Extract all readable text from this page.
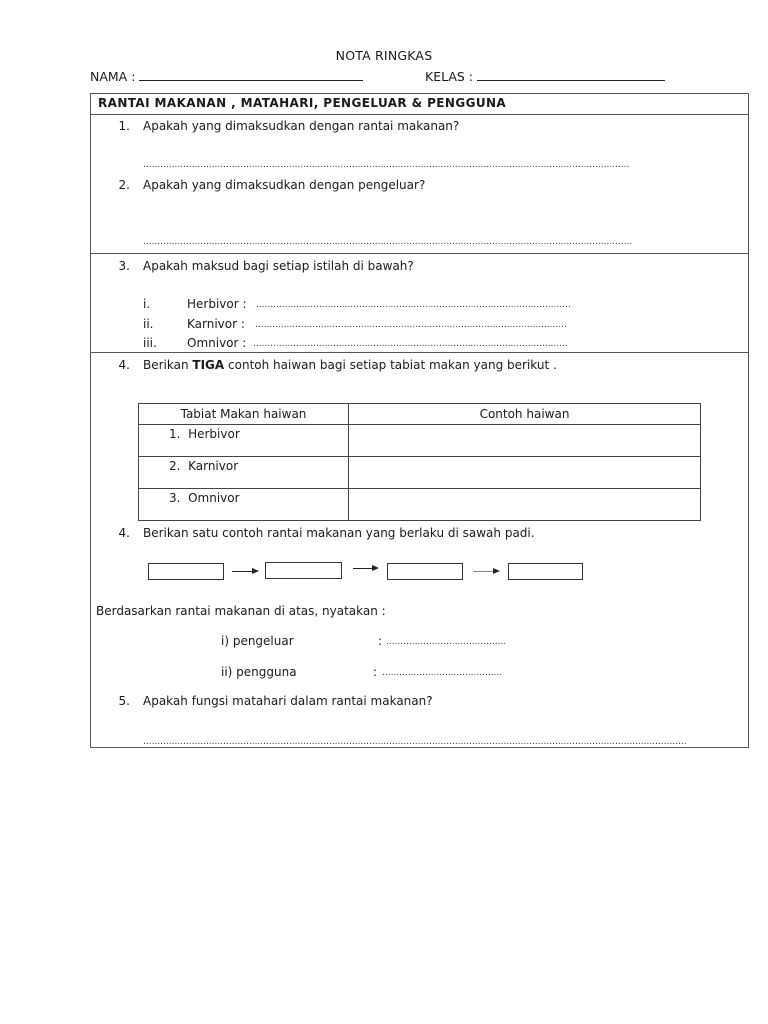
NOTA RINGKAS
NAMA :	KELAS :
RANTAI MAKANAN , MATAHARI, PENGELUAR & PENGGUNA
1. Apakah yang dimaksudkan dengan rantai makanan?
..........................................................................................................................................................................
2. Apakah yang dimaksudkan dengan pengeluar?
...........................................................................................................................................................................
3. Apakah maksud bagi setiap istilah di bawah?
i.	Herbivor : ..............................................................................................................
ii.	Karnivor : .............................................................................................................
iii.	Omnivor : ..............................................................................................................
4. Berikan TIGA contoh haiwan bagi setiap tabiat makan yang berikut .
Tabiat Makan haiwan	Contoh haiwan

1. Herbivor	

2. Karnivor	

3. Omnivor	

4. Berikan satu contoh rantai makanan yang berlaku di sawah padi.
Berdasarkan rantai makanan di atas, nyatakan :
i) pengeluar	: ..........................................
ii) pengguna	: ..........................................
5. Apakah fungsi matahari dalam rantai makanan?
..............................................................................................................................................................................................
